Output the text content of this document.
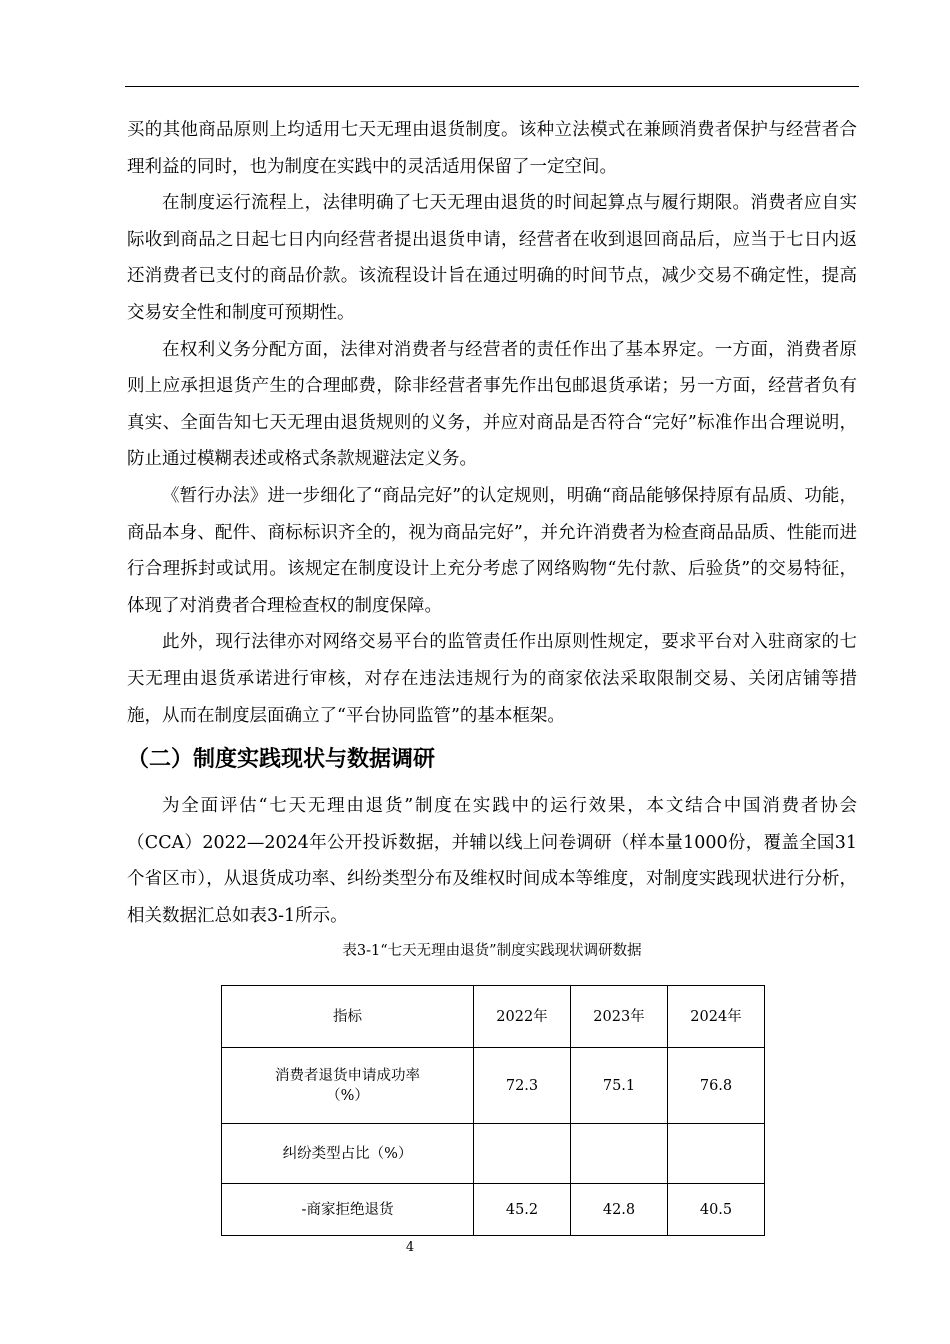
买的其他商品原则上均适用七天无理由退货制度。该种立法模式在兼顾消费者保护与经营者合理利益的同时，也为制度在实践中的灵活适用保留了一定空间。

在制度运行流程上，法律明确了七天无理由退货的时间起算点与履行期限。消费者应自实际收到商品之日起七日内向经营者提出退货申请，经营者在收到退回商品后，应当于七日内返还消费者已支付的商品价款。该流程设计旨在通过明确的时间节点，减少交易不确定性，提高交易安全性和制度可预期性。

在权利义务分配方面，法律对消费者与经营者的责任作出了基本界定。一方面，消费者原则上应承担退货产生的合理邮费，除非经营者事先作出包邮退货承诺；另一方面，经营者负有真实、全面告知七天无理由退货规则的义务，并应对商品是否符合“完好”标准作出合理说明，防止通过模糊表述或格式条款规避法定义务。

《暂行办法》进一步细化了“商品完好”的认定规则，明确“商品能够保持原有品质、功能，商品本身、配件、商标标识齐全的，视为商品完好”，并允许消费者为检查商品品质、性能而进行合理拆封或试用。该规定在制度设计上充分考虑了网络购物“先付款、后验货”的交易特征，体现了对消费者合理检查权的制度保障。

此外，现行法律亦对网络交易平台的监管责任作出原则性规定，要求平台对入驻商家的七天无理由退货承诺进行审核，对存在违法违规行为的商家依法采取限制交易、关闭店铺等措施，从而在制度层面确立了“平台协同监管”的基本框架。

（二）制度实践现状与数据调研

为全面评估“七天无理由退货”制度在实践中的运行效果，本文结合中国消费者协会（CCA）2022—2024年公开投诉数据，并辅以线上问卷调研（样本量1000份，覆盖全国31个省区市），从退货成功率、纠纷类型分布及维权时间成本等维度，对制度实践现状进行分析，相关数据汇总如表3-1所示。

表3-1“七天无理由退货”制度实践现状调研数据
指标	2022年	2023年	2024年

消费者退货申请成功率
（%）	72.3	75.1	76.8
纠纷类型占比（%）			
-商家拒绝退货	45.2	42.8	40.5
4
